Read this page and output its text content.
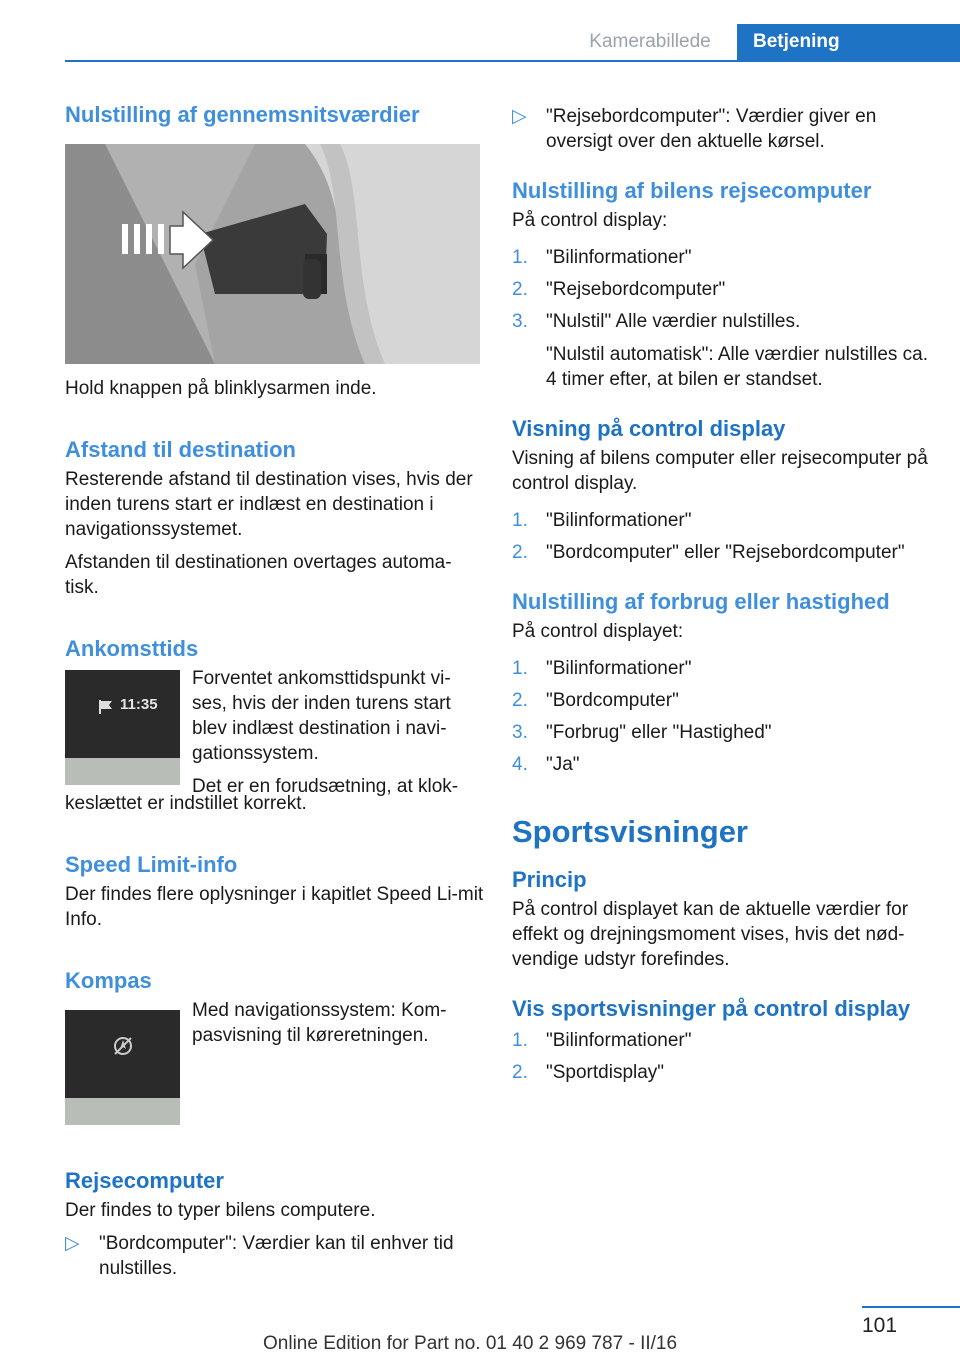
Kamerabillede	Betjening
Nulstilling af gennemsnitsværdier

Hold knappen på blinklysarmen inde.

Afstand til destination

Resterende afstand til destination vises, hvis der inden turens start er indlæst en destination i navigationssystemet.

Afstanden til destinationen overtages automa-tisk.

Ankomsttids
11:35

Forventet ankomsttidspunkt vi-ses, hvis der inden turens start blev indlæst destination i navi-gationssystem.

Det er en forudsætning, at klok-

keslættet er indstillet korrekt.

Speed Limit-info

Der findes flere oplysninger i kapitlet Speed Li-mit Info.

Kompas

Med navigationssystem: Kom-pasvisning til køreretningen.

Rejsecomputer

Der findes to typer bilens computere.

▷ "Bordcomputer": Værdier kan til enhver tid nulstilles.
▷ "Rejsebordcomputer": Værdier giver en oversigt over den aktuelle kørsel.
Nulstilling af bilens rejsecomputer

På control display:

1. "Bilinformationer"
2. "Rejsebordcomputer"
3. "Nulstil" Alle værdier nulstilles.

"Nulstil automatisk": Alle værdier nulstilles ca. 4 timer efter, at bilen er standset.

Visning på control display

Visning af bilens computer eller rejsecomputer på control display.

1. "Bilinformationer"
2. "Bordcomputer" eller "Rejsebordcomputer"
Nulstilling af forbrug eller hastighed

På control displayet:

1. "Bilinformationer"
2. "Bordcomputer"
3. "Forbrug" eller "Hastighed"
4. "Ja"
Sportsvisninger
Princip

På control displayet kan de aktuelle værdier for effekt og drejningsmoment vises, hvis det nød-vendige udstyr forefindes.

Vis sportsvisninger på control display
1. "Bilinformationer"
2. "Sportdisplay"
101
Online Edition for Part no. 01 40 2 969 787 - II/16
